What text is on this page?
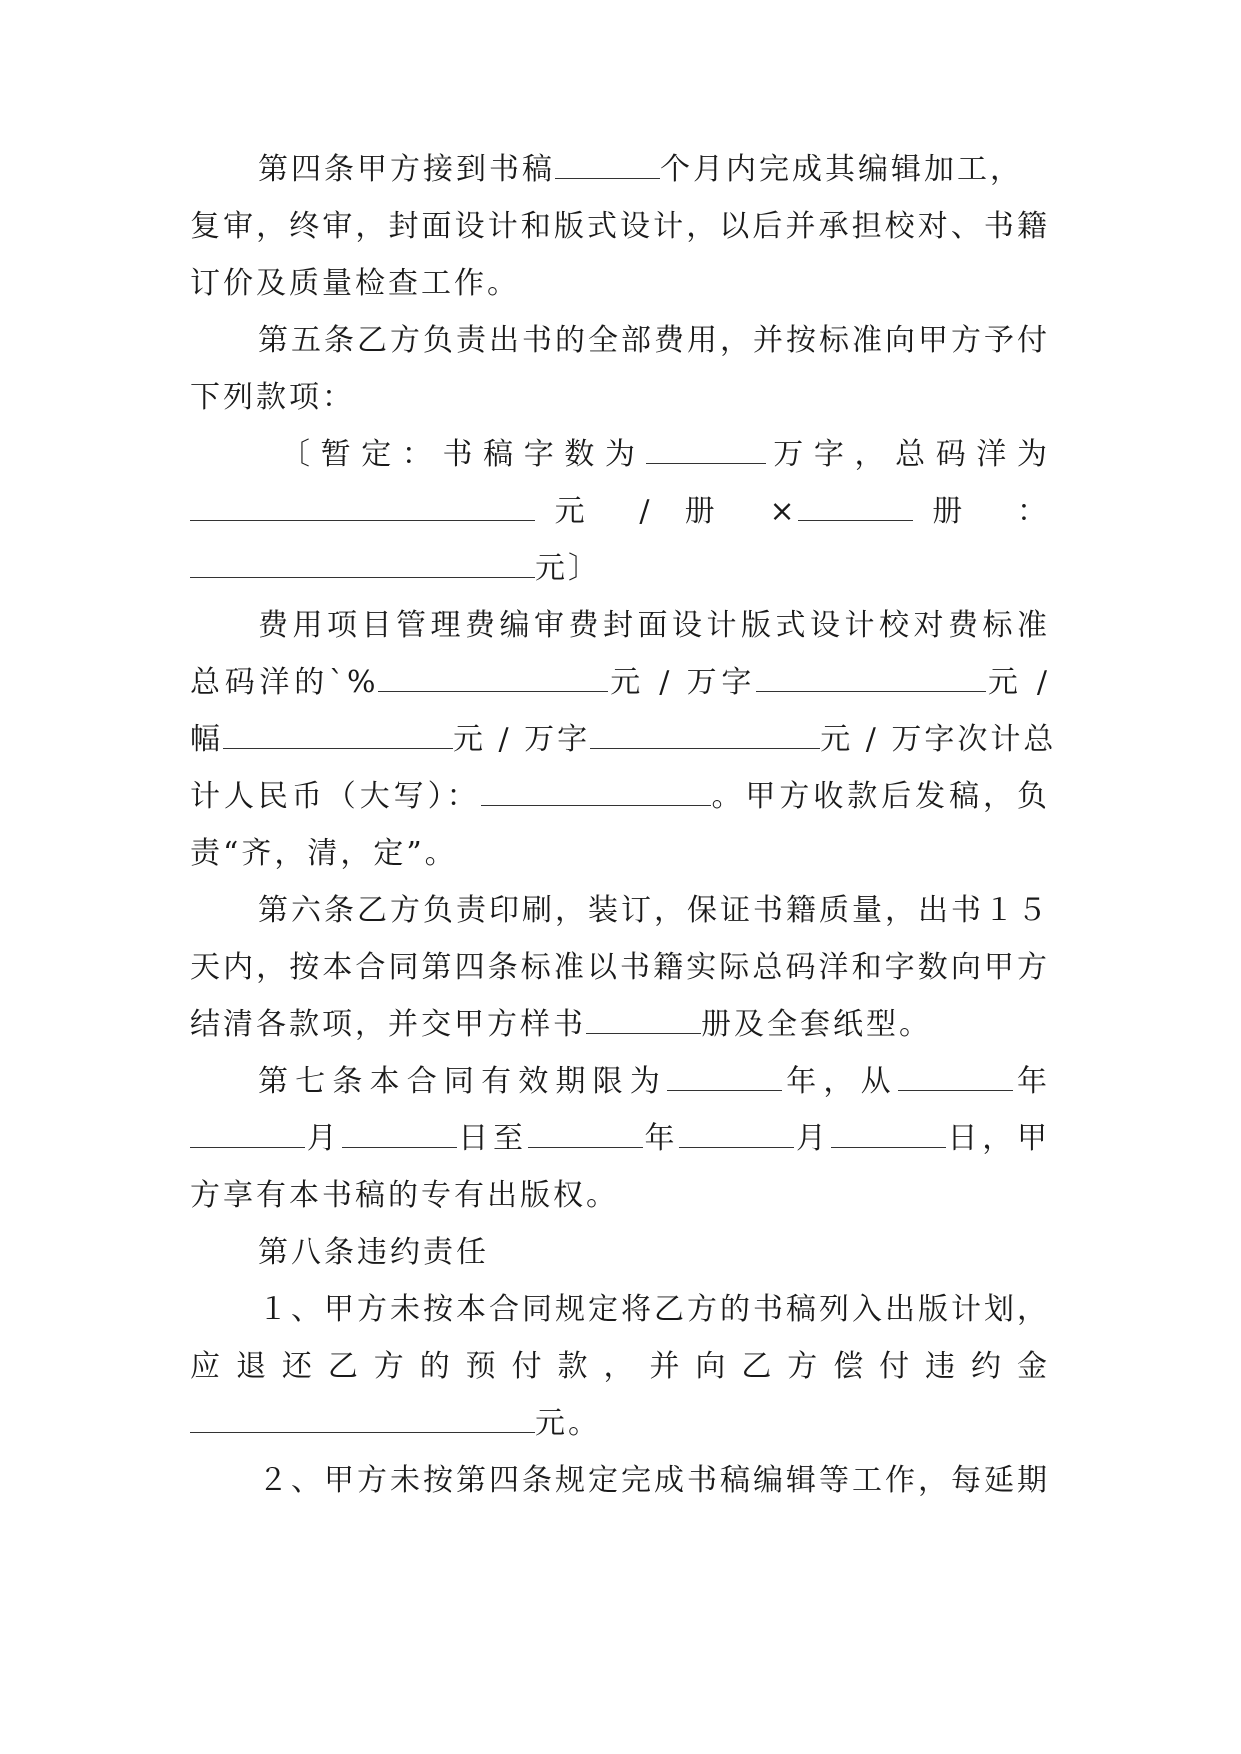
第四条甲方接到书稿	个月内完成其编辑加工，
复审，终审，封面设计和版式设计，以后并承担校对、书籍
订价及质量检查工作。
第五条乙方负责出书的全部费用，并按标准向甲方予付
下列款项：
〔暂定：书稿字数为	万字，总码洋为
元 / 册 ×	册 ：
元〕
费用项目管理费编审费封面设计版式设计校对费标准
总码洋的`%	元 / 万字	元 /
幅	元 / 万字	元 / 万字次计总
计人民币（大写）：	。甲方收款后发稿，负
责“齐，清，定”。
第六条乙方负责印刷，装订，保证书籍质量，出书１５
天内，按本合同第四条标准以书籍实际总码洋和字数向甲方
结清各款项，并交甲方样书	册及全套纸型。
第七条本合同有效期限为	年，从	年
月	日至	年	月	日，甲
方享有本书稿的专有出版权。
第八条违约责任
１、甲方未按本合同规定将乙方的书稿列入出版计划，
应退还乙方的预付款，并向乙方偿付违约金
元。
２、甲方未按第四条规定完成书稿编辑等工作，每延期
